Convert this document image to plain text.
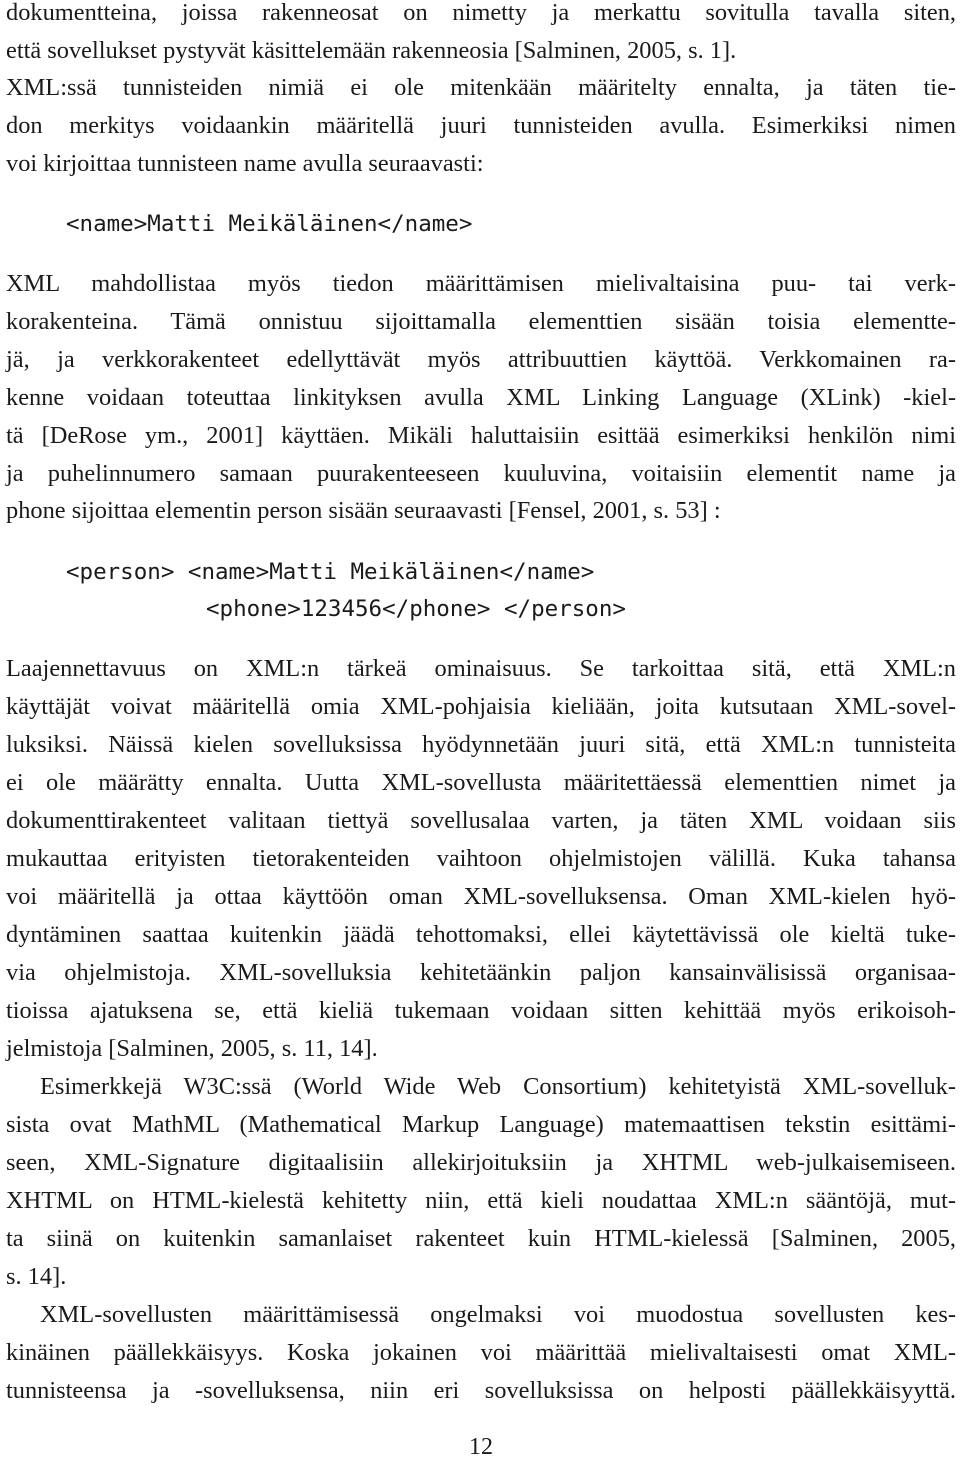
dokumentteina, joissa rakenneosat on nimetty ja merkattu sovitulla tavalla siten,
että sovellukset pystyvät käsittelemään rakenneosia [Salminen, 2005, s. 1].
XML:ssä tunnisteiden nimiä ei ole mitenkään määritelty ennalta, ja täten tie-
don merkitys voidaankin määritellä juuri tunnisteiden avulla. Esimerkiksi nimen
voi kirjoittaa tunnisteen name avulla seuraavasti:
<name>Matti Meikäläinen</name>
XML mahdollistaa myös tiedon määrittämisen mielivaltaisina puu- tai verk-
korakenteina. Tämä onnistuu sijoittamalla elementtien sisään toisia elementte-
jä, ja verkkorakenteet edellyttävät myös attribuuttien käyttöä. Verkkomainen ra-
kenne voidaan toteuttaa linkityksen avulla XML Linking Language (XLink) -kiel-
tä [DeRose ym., 2001] käyttäen. Mikäli haluttaisiin esittää esimerkiksi henkilön nimi
ja puhelinnumero samaan puurakenteeseen kuuluvina, voitaisiin elementit name ja
phone sijoittaa elementin person sisään seuraavasti [Fensel, 2001, s. 53] :
<person> <name>Matti Meikäläinen</name>
<phone>123456</phone> </person>
Laajennettavuus on XML:n tärkeä ominaisuus. Se tarkoittaa sitä, että XML:n
käyttäjät voivat määritellä omia XML-pohjaisia kieliään, joita kutsutaan XML-sovel-
luksiksi. Näissä kielen sovelluksissa hyödynnetään juuri sitä, että XML:n tunnisteita
ei ole määrätty ennalta. Uutta XML-sovellusta määritettäessä elementtien nimet ja
dokumenttirakenteet valitaan tiettyä sovellusalaa varten, ja täten XML voidaan siis
mukauttaa erityisten tietorakenteiden vaihtoon ohjelmistojen välillä. Kuka tahansa
voi määritellä ja ottaa käyttöön oman XML-sovelluksensa. Oman XML-kielen hyö-
dyntäminen saattaa kuitenkin jäädä tehottomaksi, ellei käytettävissä ole kieltä tuke-
via ohjelmistoja. XML-sovelluksia kehitetäänkin paljon kansainvälisissä organisaa-
tioissa ajatuksena se, että kieliä tukemaan voidaan sitten kehittää myös erikoisoh-
jelmistoja [Salminen, 2005, s. 11, 14].
Esimerkkejä W3C:ssä (World Wide Web Consortium) kehitetyistä XML-sovelluk-
sista ovat MathML (Mathematical Markup Language) matemaattisen tekstin esittämi-
seen, XML-Signature digitaalisiin allekirjoituksiin ja XHTML web-julkaisemiseen.
XHTML on HTML-kielestä kehitetty niin, että kieli noudattaa XML:n sääntöjä, mut-
ta siinä on kuitenkin samanlaiset rakenteet kuin HTML-kielessä [Salminen, 2005,
s. 14].
XML-sovellusten määrittämisessä ongelmaksi voi muodostua sovellusten kes-
kinäinen päällekkäisyys. Koska jokainen voi määrittää mielivaltaisesti omat XML-
tunnisteensa ja -sovelluksensa, niin eri sovelluksissa on helposti päällekkäisyyttä.
12
